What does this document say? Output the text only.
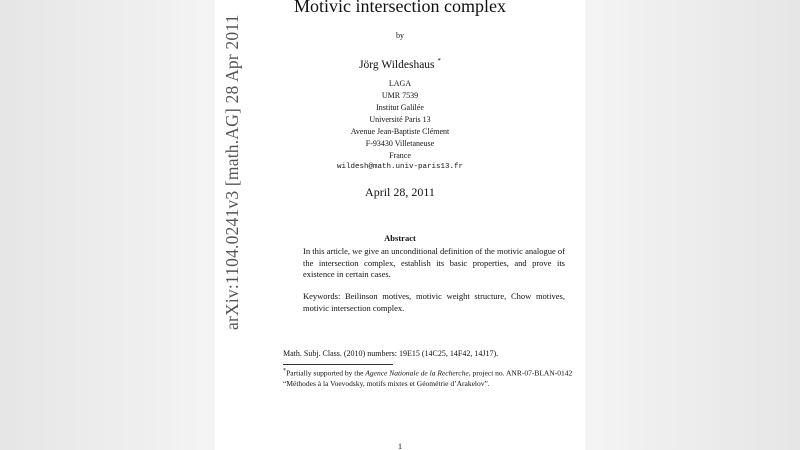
Motivic intersection complex
by
Jörg Wildeshaus *
LAGA
UMR 7539
Institut Galilée
Université Paris 13
Avenue Jean-Baptiste Clément
F-93430 Villetaneuse
France
wildesh@math.univ-paris13.fr
April 28, 2011
Abstract
In this article, we give an unconditional definition of the motivic analogue of the intersection complex, establish its basic properties, and prove its existence in certain cases.
Keywords: Beilinson motives, motivic weight structure, Chow motives, motivic intersection complex.
Math. Subj. Class. (2010) numbers: 19E15 (14C25, 14F42, 14J17).
*Partially supported by the Agence Nationale de la Recherche, project no. ANR-07-BLAN-0142 “Méthodes à la Voevodsky, motifs mixtes et Géométrie d’Arakelov”.
1
arXiv:1104.0241v3 [math.AG] 28 Apr 2011
